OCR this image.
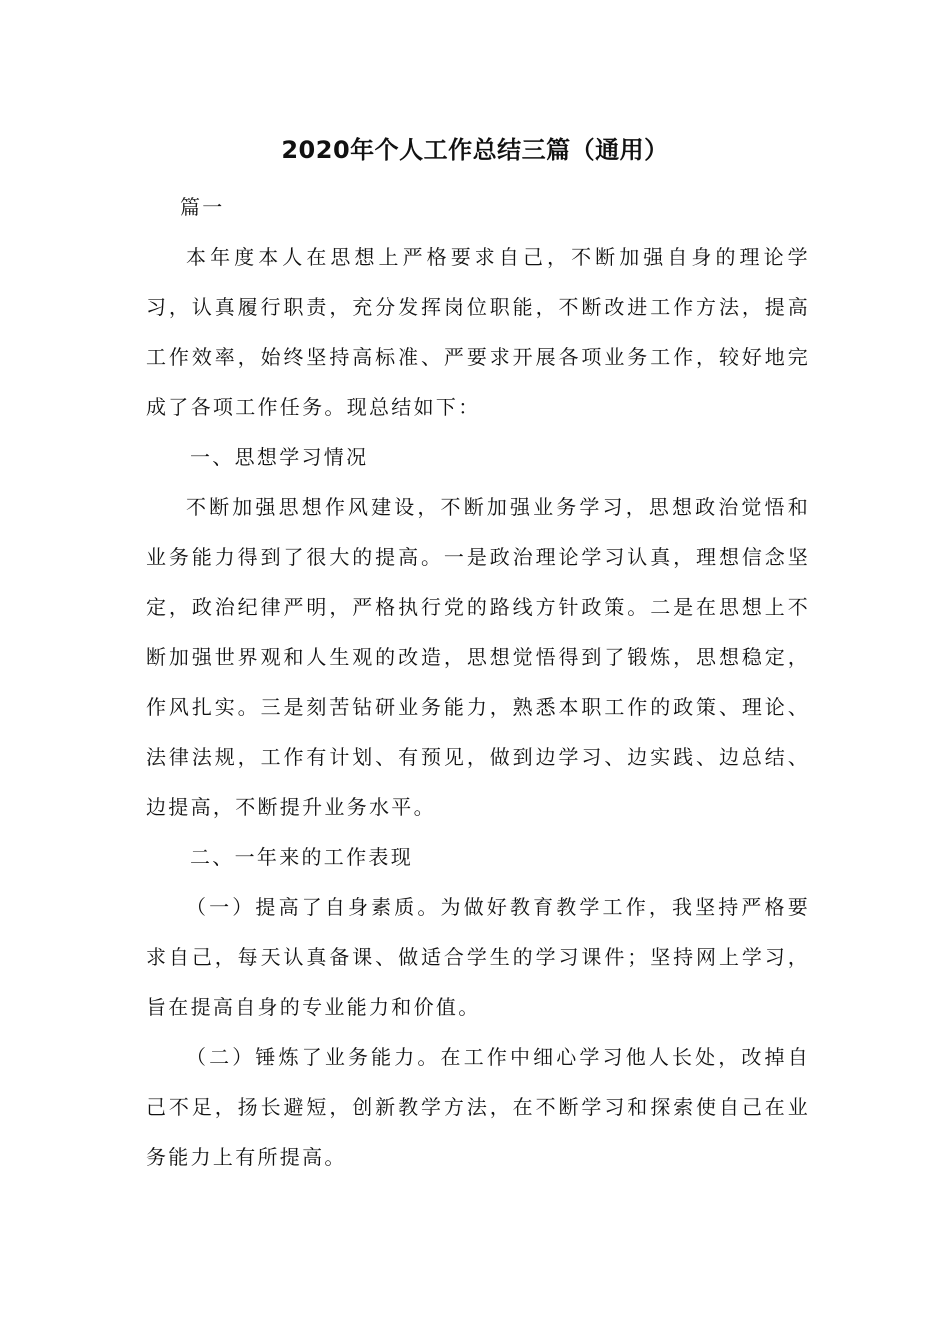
2020年个人工作总结三篇（通用）

篇一

本年度本人在思想上严格要求自己，不断加强自身的理论学习，认真履行职责，充分发挥岗位职能，不断改进工作方法，提高工作效率，始终坚持高标准、严要求开展各项业务工作，较好地完成了各项工作任务。现总结如下：

一、思想学习情况

不断加强思想作风建设，不断加强业务学习，思想政治觉悟和业务能力得到了很大的提高。一是政治理论学习认真，理想信念坚定，政治纪律严明，严格执行党的路线方针政策。二是在思想上不断加强世界观和人生观的改造，思想觉悟得到了锻炼，思想稳定，作风扎实。三是刻苦钻研业务能力，熟悉本职工作的政策、理论、法律法规，工作有计划、有预见，做到边学习、边实践、边总结、边提高，不断提升业务水平。

二、一年来的工作表现

（一）提高了自身素质。为做好教育教学工作，我坚持严格要求自己，每天认真备课、做适合学生的学习课件；坚持网上学习，旨在提高自身的专业能力和价值。

（二）锤炼了业务能力。在工作中细心学习他人长处，改掉自己不足，扬长避短，创新教学方法，在不断学习和探索使自己在业务能力上有所提高。
